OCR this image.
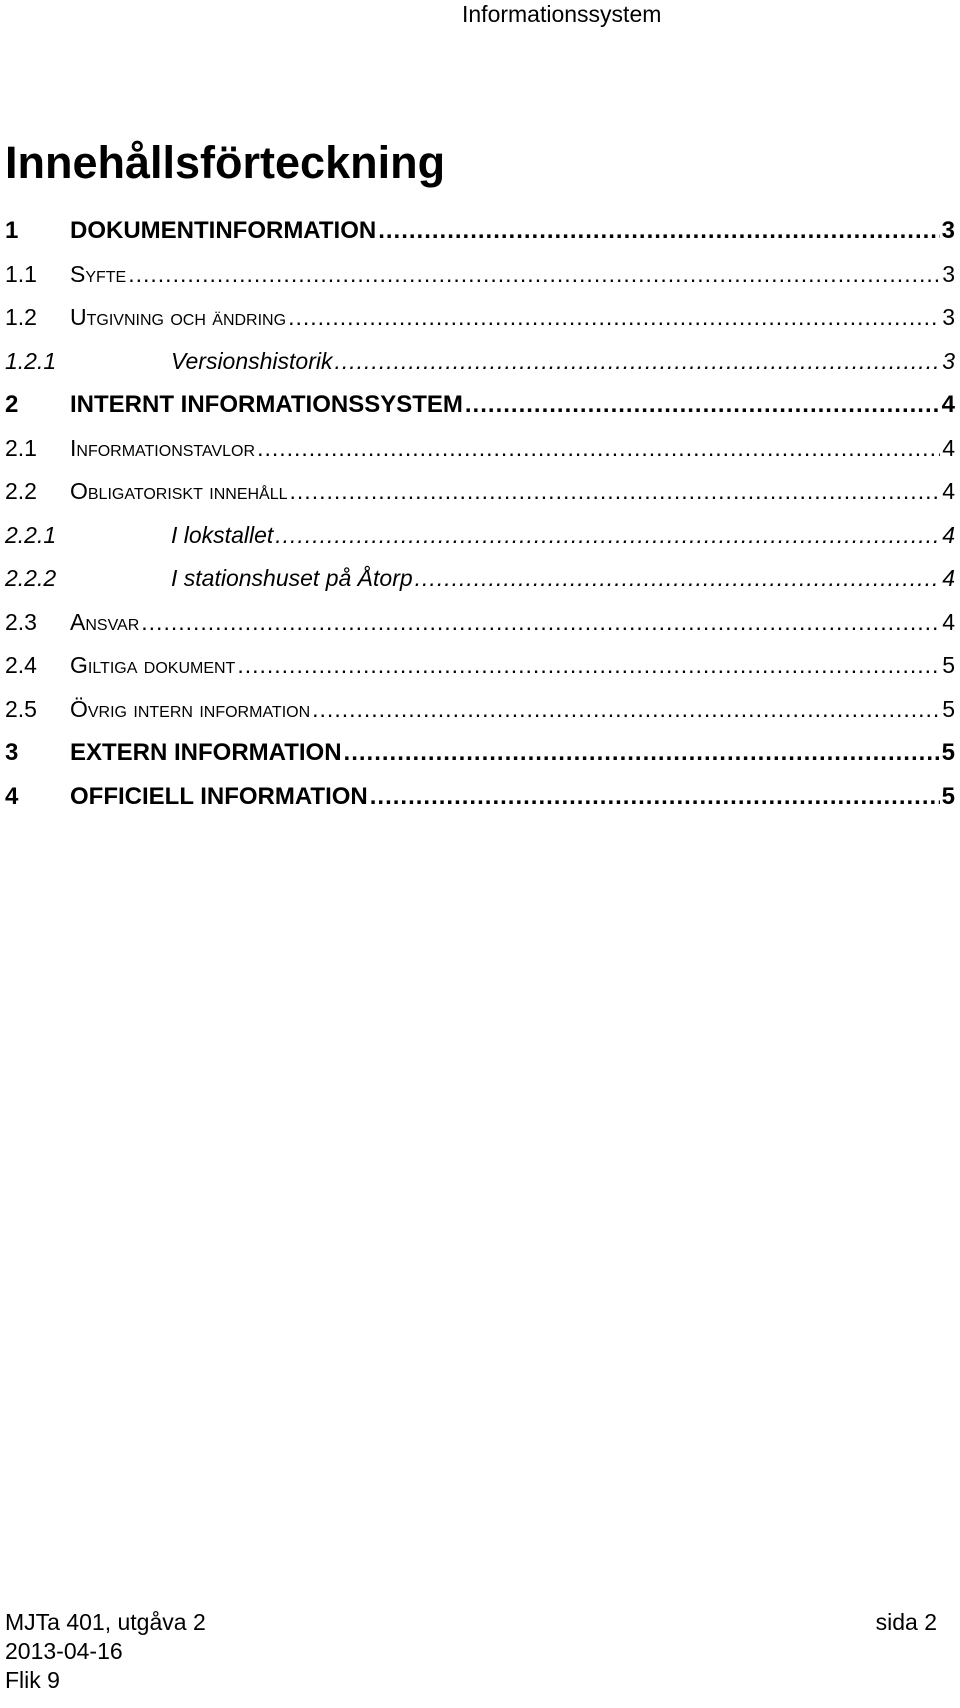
Informationssystem
Innehållsförteckning
1	DOKUMENTINFORMATION .....	3
1.1	Syfte .....	3
1.2	Utgivning och ändring .....	3
1.2.1	Versionshistorik .....	3
2	INTERNT INFORMATIONSSYSTEM .....	4
2.1	Informationstavlor .....	4
2.2	Obligatoriskt innehåll .....	4
2.2.1	I lokstallet .....	4
2.2.2	I stationshuset på Åtorp .....	4
2.3	Ansvar .....	4
2.4	Giltiga dokument .....	5
2.5	Övrig intern information .....	5
3	EXTERN INFORMATION .....	5
4	OFFICIELL INFORMATION .....	5
MJTa 401, utgåva 2
2013-04-16
Flik 9
sida 2
